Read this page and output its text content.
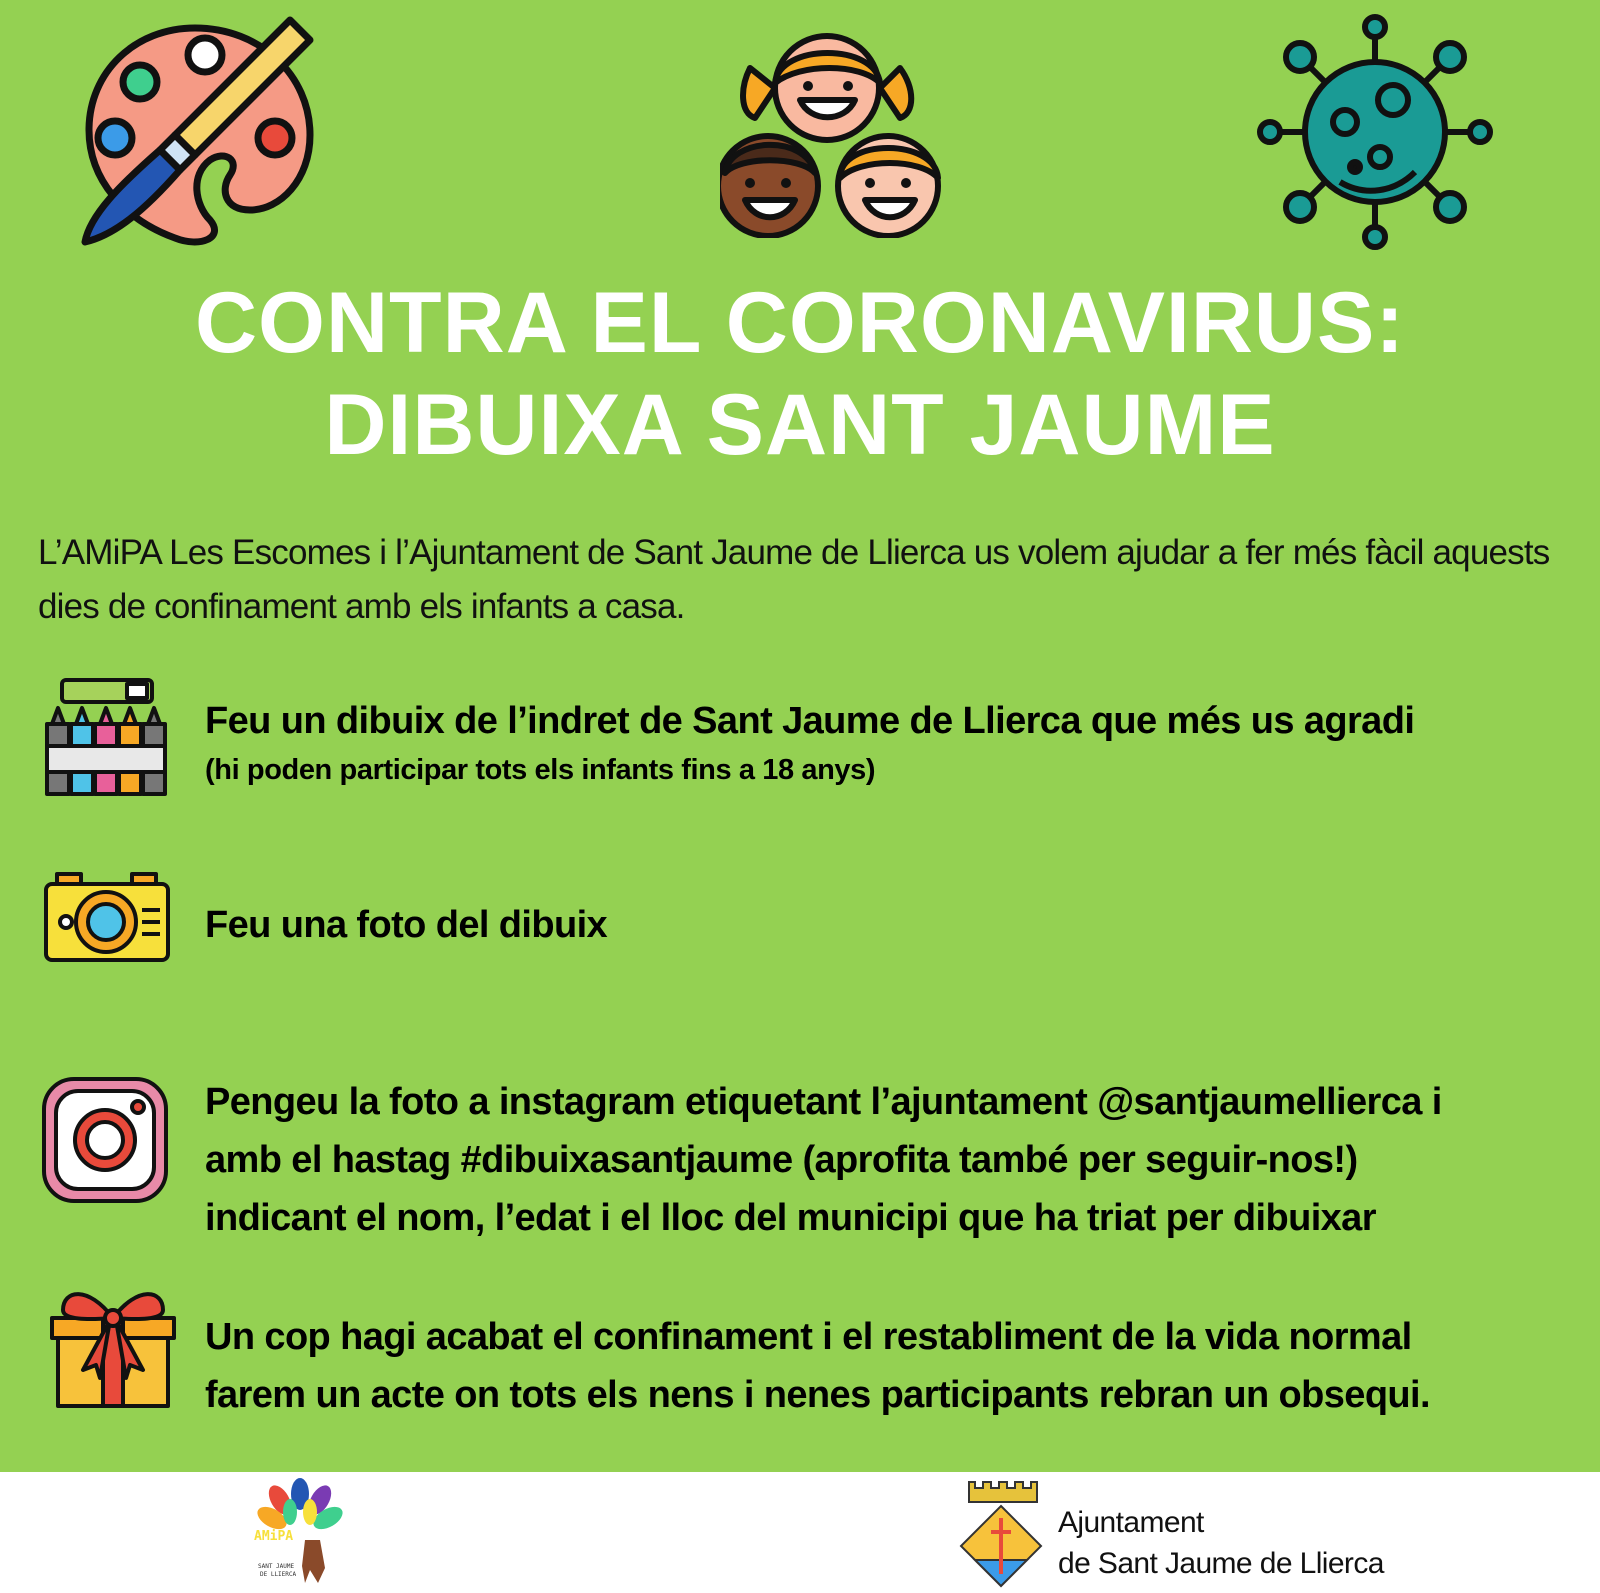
CONTRA EL CORONAVIRUS:
DIBUIXA SANT JAUME
L’AMiPA Les Escomes i l’Ajuntament de Sant Jaume de Llierca us volem ajudar a fer més fàcil aquests dies de confinament amb els infants a casa.
Feu un dibuix de l’indret de Sant Jaume de Llierca que més us agradi
(hi poden participar tots els infants fins a 18 anys)
Feu una foto del dibuix
Pengeu la foto a instagram etiquetant l’ajuntament @santjaumellierca i
amb el hastag #dibuixasantjaume (aprofita també per seguir-nos!)
indicant el nom, l’edat i el lloc del municipi que ha triat per dibuixar
Un cop hagi acabat el confinament i el restabliment de la vida normal
farem un acte on tots els nens i nenes participants rebran un obsequi.
AMiPA
SANT JAUME
DE LLIERCA
Ajuntament
de Sant Jaume de Llierca
